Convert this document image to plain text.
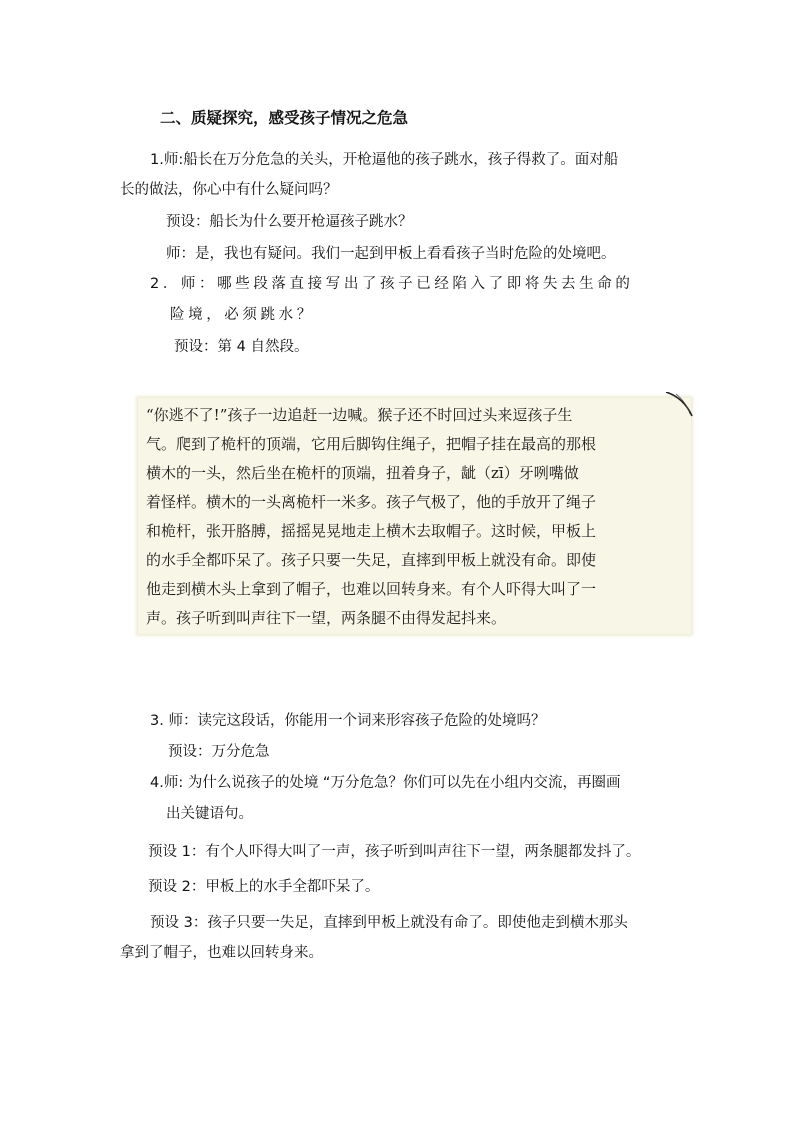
二、质疑探究，感受孩子情况之危急
1.师:船长在万分危急的关头，开枪逼他的孩子跳水，孩子得救了。面对船
长的做法，你心中有什么疑问吗？
预设：船长为什么要开枪逼孩子跳水？
师：是，我也有疑问。我们一起到甲板上看看孩子当时危险的处境吧。
2．师：哪些段落直接写出了孩子已经陷入了即将失去生命的
险境，必须跳水？
预设：第 4 自然段。
“你逃不了!”孩子一边追赶一边喊。猴子还不时回过头来逗孩子生
气。爬到了桅杆的顶端，它用后脚钩住绳子，把帽子挂在最高的那根
横木的一头，然后坐在桅杆的顶端，扭着身子，龇（zī）牙咧嘴做
着怪样。横木的一头离桅杆一米多。孩子气极了，他的手放开了绳子
和桅杆，张开胳膊，摇摇晃晃地走上横木去取帽子。这时候，甲板上
的水手全都吓呆了。孩子只要一失足，直摔到甲板上就没有命。即使
他走到横木头上拿到了帽子，也难以回转身来。有个人吓得大叫了一
声。孩子听到叫声往下一望，两条腿不由得发起抖来。
3. 师：读完这段话，你能用一个词来形容孩子危险的处境吗？
预设：万分危急
4.师: 为什么说孩子的处境 “万分危急？你们可以先在小组内交流，再圈画
出关键语句。
预设 1：有个人吓得大叫了一声，孩子听到叫声往下一望，两条腿都发抖了。
预设 2：甲板上的水手全都吓呆了。
预设 3：孩子只要一失足，直摔到甲板上就没有命了。即使他走到横木那头
拿到了帽子，也难以回转身来。
